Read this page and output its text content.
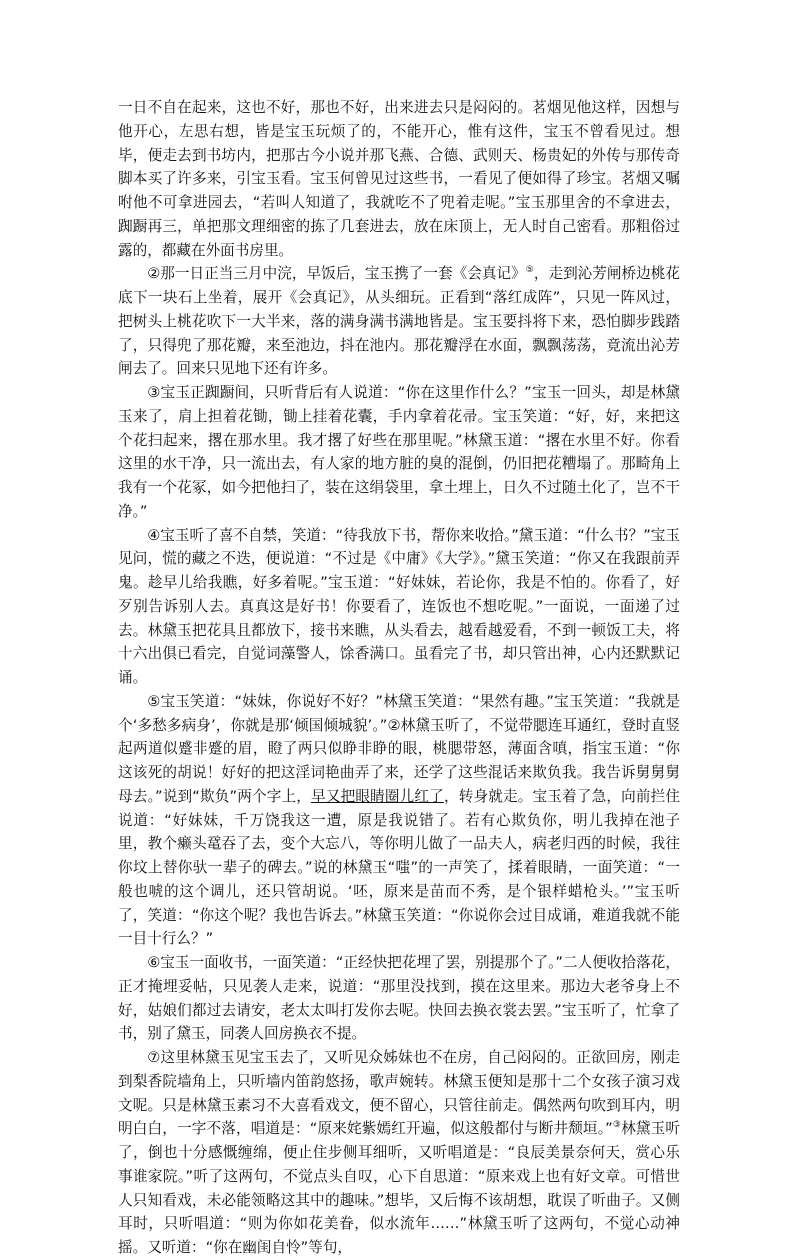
一日不自在起来，这也不好，那也不好，出来进去只是闷闷的。茗烟见他这样，因想与他开心，左思右想，皆是宝玉玩烦了的，不能开心，惟有这件，宝玉不曾看见过。想毕，便走去到书坊内，把那古今小说并那飞燕、合德、武则天、杨贵妃的外传与那传奇脚本买了许多来，引宝玉看。宝玉何曾见过这些书，一看见了便如得了珍宝。茗烟又嘱咐他不可拿进园去，“若叫人知道了，我就吃不了兜着走呢。”宝玉那里舍的不拿进去，踟蹰再三，单把那文理细密的拣了几套进去，放在床顶上，无人时自己密看。那粗俗过露的，都藏在外面书房里。

②那一日正当三月中浣，早饭后，宝玉携了一套《会真记》⑤，走到沁芳闸桥边桃花底下一块石上坐着，展开《会真记》，从头细玩。正看到“落红成阵”，只见一阵风过，把树头上桃花吹下一大半来，落的满身满书满地皆是。宝玉要抖将下来，恐怕脚步践踏了，只得兜了那花瓣，来至池边，抖在池内。那花瓣浮在水面，飘飘荡荡，竟流出沁芳闸去了。回来只见地下还有许多。

③宝玉正踟蹰间，只听背后有人说道：“你在这里作什么？”宝玉一回头，却是林黛玉来了，肩上担着花锄，锄上挂着花囊，手内拿着花帚。宝玉笑道：“好，好，来把这个花扫起来，撂在那水里。我才撂了好些在那里呢。”林黛玉道：“撂在水里不好。你看这里的水干净，只一流出去，有人家的地方脏的臭的混倒，仍旧把花糟塌了。那畸角上我有一个花冢，如今把他扫了，装在这绢袋里，拿土埋上，日久不过随土化了，岂不干净。”

④宝玉听了喜不自禁，笑道：“待我放下书，帮你来收拾。”黛玉道：“什么书？”宝玉见问，慌的藏之不迭，便说道：“不过是《中庸》《大学》。”黛玉笑道：“你又在我跟前弄鬼。趁早儿给我瞧，好多着呢。”宝玉道：“好妹妹，若论你，我是不怕的。你看了，好歹别告诉别人去。真真这是好书！你要看了，连饭也不想吃呢。”一面说，一面递了过去。林黛玉把花具且都放下，接书来瞧，从头看去，越看越爱看，不到一顿饭工夫，将十六出俱已看完，自觉词藻警人，馀香满口。虽看完了书，却只管出神，心内还默默记诵。

⑤宝玉笑道：“妹妹，你说好不好？”林黛玉笑道：“果然有趣。”宝玉笑道：“我就是个‘多愁多病身’，你就是那‘倾国倾城貌’。”②林黛玉听了，不觉带腮连耳通红，登时直竖起两道似蹙非蹙的眉，瞪了两只似睁非睁的眼，桃腮带怒，薄面含嗔，指宝玉道：“你这该死的胡说！好好的把这淫词艳曲弄了来，还学了这些混话来欺负我。我告诉舅舅舅母去。”说到“欺负”两个字上，早又把眼睛圈儿红了，转身就走。宝玉着了急，向前拦住说道：“好妹妹，千万饶我这一遭，原是我说错了。若有心欺负你，明儿我掉在池子里，教个癞头鼋吞了去，变个大忘八，等你明儿做了一品夫人，病老归西的时候，我往你坟上替你驮一辈子的碑去。”说的林黛玉“嗤”的一声笑了，揉着眼睛，一面笑道：“一般也唬的这个调儿，还只管胡说。‘呸，原来是苗而不秀，是个银样蜡枪头。’”宝玉听了，笑道：“你这个呢？我也告诉去。”林黛玉笑道：“你说你会过目成诵，难道我就不能一目十行么？”

⑥宝玉一面收书，一面笑道：“正经快把花埋了罢，别提那个了。”二人便收拾落花，正才掩埋妥帖，只见袭人走来，说道：“那里没找到，摸在这里来。那边大老爷身上不好，姑娘们都过去请安，老太太叫打发你去呢。快回去换衣裳去罢。”宝玉听了，忙拿了书，别了黛玉，同袭人回房换衣不提。

⑦这里林黛玉见宝玉去了，又听见众姊妹也不在房，自己闷闷的。正欲回房，刚走到梨香院墙角上，只听墙内笛韵悠扬，歌声婉转。林黛玉便知是那十二个女孩子演习戏文呢。只是林黛玉素习不大喜看戏文，便不留心，只管往前走。偶然两句吹到耳内，明明白白，一字不落，唱道是：“原来姹紫嫣红开遍，似这般都付与断井颓垣。”③林黛玉听了，倒也十分感慨缠绵，便止住步侧耳细听，又听唱道是：“良辰美景奈何天，赏心乐事谁家院。”听了这两句，不觉点头自叹，心下自思道：“原来戏上也有好文章。可惜世人只知看戏，未必能领略这其中的趣味。”想毕，又后悔不该胡想，耽误了听曲子。又侧耳时，只听唱道：“则为你如花美眷，似水流年……”林黛玉听了这两句，不觉心动神摇。又听道：“你在幽闺自怜”等句，
